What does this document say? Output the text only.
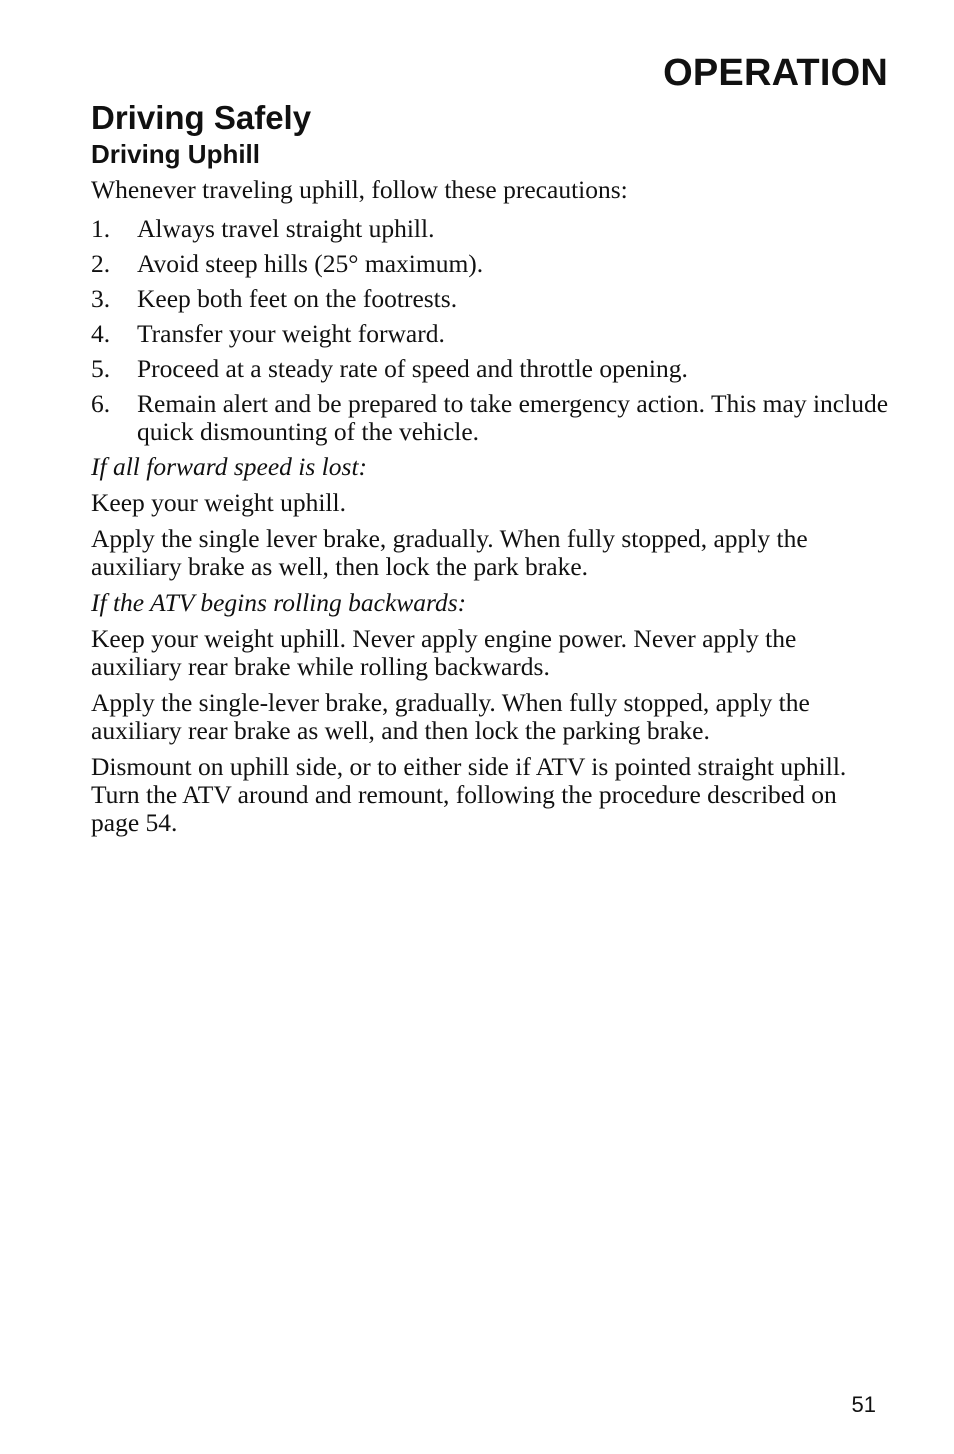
OPERATION
Driving Safely
Driving Uphill

Whenever traveling uphill, follow these precautions:

1.	Always travel straight uphill.
2.	Avoid steep hills (25° maximum).
3.	Keep both feet on the footrests.
4.	Transfer your weight forward.
5.	Proceed at a steady rate of speed and throttle opening.
6.	Remain alert and be prepared to take emergency action. This may include quick dismounting of the vehicle.

If all forward speed is lost:

Keep your weight uphill.

Apply the single lever brake, gradually. When fully stopped, apply the auxiliary brake as well, then lock the park brake.

If the ATV begins rolling backwards:

Keep your weight uphill. Never apply engine power. Never apply the auxiliary rear brake while rolling backwards.

Apply the single-lever brake, gradually. When fully stopped, apply the auxiliary rear brake as well, and then lock the parking brake.

Dismount on uphill side, or to either side if ATV is pointed straight uphill. Turn the ATV around and remount, following the procedure described on page 54.

51
